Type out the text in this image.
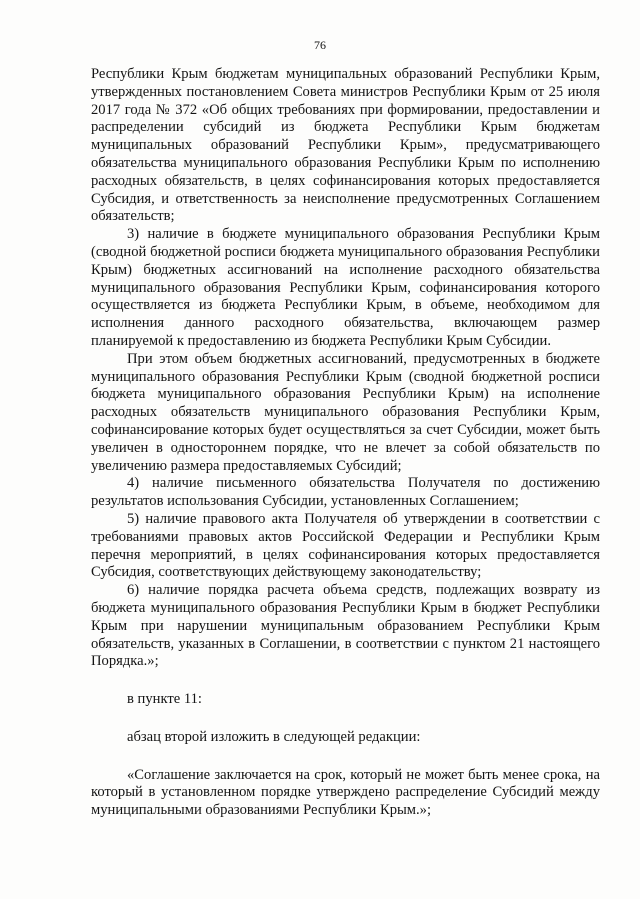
76

Республики Крым бюджетам муниципальных образований Республики Крым, утвержденных постановлением Совета министров Республики Крым от 25 июля 2017 года № 372 «Об общих требованиях при формировании, предоставлении и распределении субсидий из бюджета Республики Крым бюджетам муниципальных образований Республики Крым», предусматривающего обязательства муниципального образования Республики Крым по исполнению расходных обязательств, в целях софинансирования которых предоставляется Субсидия, и ответственность за неисполнение предусмотренных Соглашением обязательств;

3) наличие в бюджете муниципального образования Республики Крым (сводной бюджетной росписи бюджета муниципального образования Республики Крым) бюджетных ассигнований на исполнение расходного обязательства муниципального образования Республики Крым, софинансирования которого осуществляется из бюджета Республики Крым, в объеме, необходимом для исполнения данного расходного обязательства, включающем размер планируемой к предоставлению из бюджета Республики Крым Субсидии.

При этом объем бюджетных ассигнований, предусмотренных в бюджете муниципального образования Республики Крым (сводной бюджетной росписи бюджета муниципального образования Республики Крым) на исполнение расходных обязательств муниципального образования Республики Крым, софинансирование которых будет осуществляться за счет Субсидии, может быть увеличен в одностороннем порядке, что не влечет за собой обязательств по увеличению размера предоставляемых Субсидий;

4) наличие письменного обязательства Получателя по достижению результатов использования Субсидии, установленных Соглашением;

5) наличие правового акта Получателя об утверждении в соответствии с требованиями правовых актов Российской Федерации и Республики Крым перечня мероприятий, в целях софинансирования которых предоставляется Субсидия, соответствующих действующему законодательству;

6) наличие порядка расчета объема средств, подлежащих возврату из бюджета муниципального образования Республики Крым в бюджет Республики Крым при нарушении муниципальным образованием Республики Крым обязательств, указанных в Соглашении, в соответствии с пунктом 21 настоящего Порядка.»;

в пункте 11:

абзац второй изложить в следующей редакции:

«Соглашение заключается на срок, который не может быть менее срока, на который в установленном порядке утверждено распределение Субсидий между муниципальными образованиями Республики Крым.»;
